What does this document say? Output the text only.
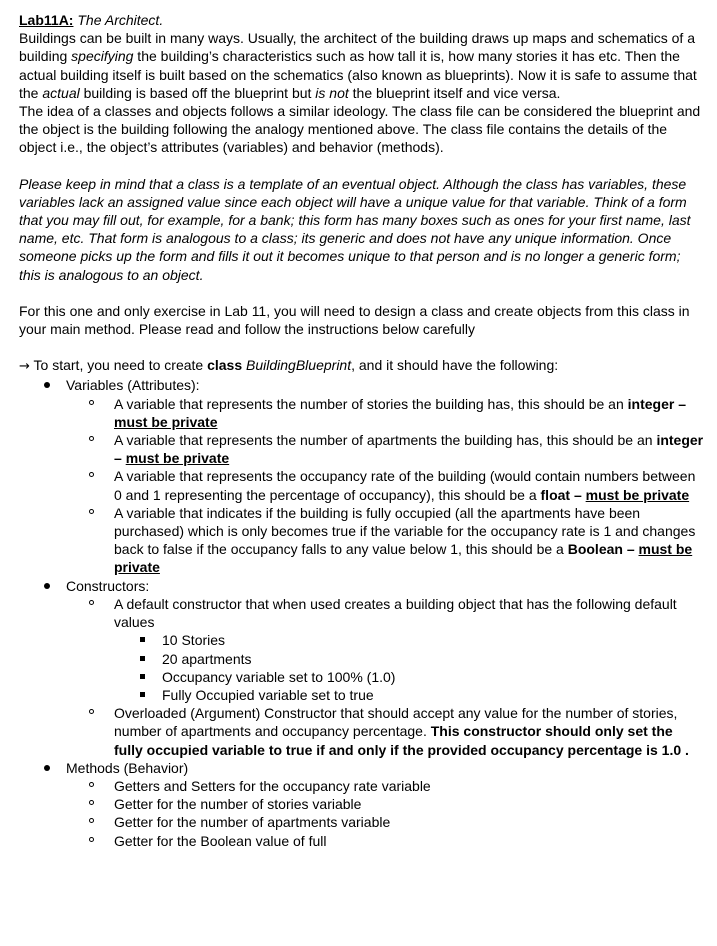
Lab11A: The Architect.

Buildings can be built in many ways. Usually, the architect of the building draws up maps and schematics of a building specifying the building’s characteristics such as how tall it is, how many stories it has etc. Then the actual building itself is built based on the schematics (also known as blueprints). Now it is safe to assume that the actual building is based off the blueprint but is not the blueprint itself and vice versa.

The idea of a classes and objects follows a similar ideology. The class file can be considered the blueprint and the object is the building following the analogy mentioned above. The class file contains the details of the object i.e., the object’s attributes (variables) and behavior (methods).

Please keep in mind that a class is a template of an eventual object. Although the class has variables, these variables lack an assigned value since each object will have a unique value for that variable. Think of a form that you may fill out, for example, for a bank; this form has many boxes such as ones for your first name, last name, etc. That form is analogous to a class; its generic and does not have any unique information. Once someone picks up the form and fills it out it becomes unique to that person and is no longer a generic form; this is analogous to an object.

For this one and only exercise in Lab 11, you will need to design a class and create objects from this class in your main method. Please read and follow the instructions below carefully

→ To start, you need to create class BuildingBlueprint, and it should have the following:

Variables (Attributes):
A variable that represents the number of stories the building has, this should be an integer – must be private
A variable that represents the number of apartments the building has, this should be an integer – must be private
A variable that represents the occupancy rate of the building (would contain numbers between 0 and 1 representing the percentage of occupancy), this should be a float – must be private
A variable that indicates if the building is fully occupied (all the apartments have been purchased) which is only becomes true if the variable for the occupancy rate is 1 and changes back to false if the occupancy falls to any value below 1, this should be a Boolean – must be private
Constructors:
A default constructor that when used creates a building object that has the following default values
10 Stories
20 apartments
Occupancy variable set to 100% (1.0)
Fully Occupied variable set to true
Overloaded (Argument) Constructor that should accept any value for the number of stories, number of apartments and occupancy percentage. This constructor should only set the fully occupied variable to true if and only if the provided occupancy percentage is 1.0 .
Methods (Behavior)
Getters and Setters for the occupancy rate variable
Getter for the number of stories variable
Getter for the number of apartments variable
Getter for the Boolean value of full
